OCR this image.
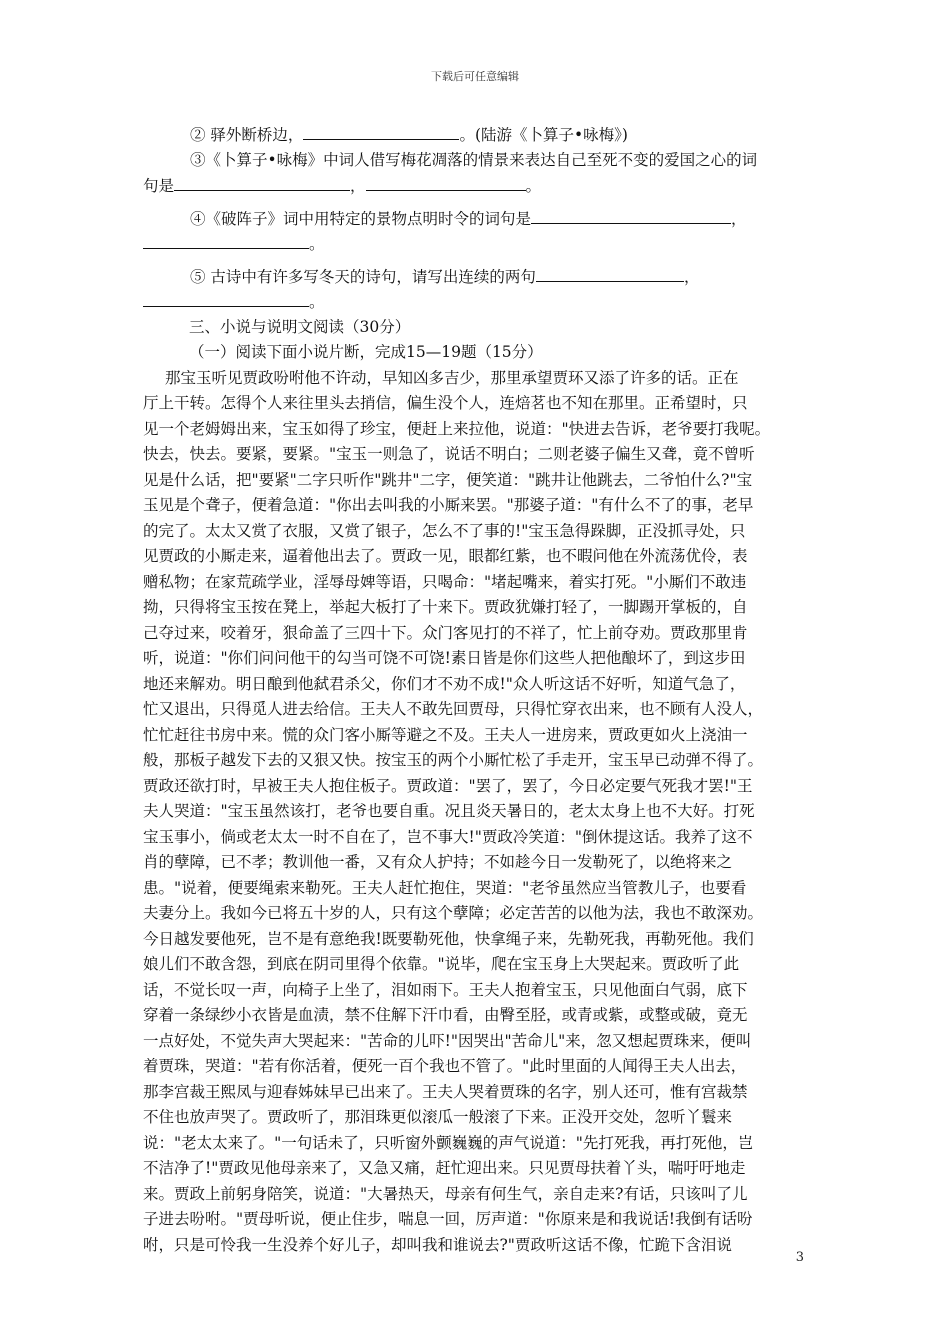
下载后可任意编辑
② 驿外断桥边，	。(陆游《卜算子•咏梅》)
③《卜算子•咏梅》中词人借写梅花凋落的情景来表达自己至死不变的爱国之心的词
句是	，	。
④《破阵子》词中用特定的景物点明时令的词句是	，
。
⑤ 古诗中有许多写冬天的诗句，请写出连续的两句	，
。
三、小说与说明文阅读（30分）
（一）阅读下面小说片断，完成15—19题（15分）
那宝玉听见贾政吩咐他不许动，早知凶多吉少，那里承望贾环又添了许多的话。正在
厅上干转。怎得个人来往里头去捎信，偏生没个人，连焙茗也不知在那里。正希望时，只
见一个老姆姆出来，宝玉如得了珍宝，便赶上来拉他，说道："快进去告诉，老爷要打我呢。
快去，快去。要紧，要紧。"宝玉一则急了，说话不明白；二则老婆子偏生又聋，竟不曾听
见是什么话，把"要紧"二字只听作"跳井"二字，便笑道："跳井让他跳去，二爷怕什么?"宝
玉见是个聋子，便着急道："你出去叫我的小厮来罢。"那婆子道："有什么不了的事，老早
的完了。太太又赏了衣服，又赏了银子，怎么不了事的!"宝玉急得跺脚，正没抓寻处，只
见贾政的小厮走来，逼着他出去了。贾政一见，眼都红紫，也不暇问他在外流荡优伶，表
赠私物；在家荒疏学业，淫辱母婢等语，只喝命："堵起嘴来，着实打死。"小厮们不敢违
拗，只得将宝玉按在凳上，举起大板打了十来下。贾政犹嫌打轻了，一脚踢开掌板的，自
己夺过来，咬着牙，狠命盖了三四十下。众门客见打的不祥了，忙上前夺劝。贾政那里肯
听，说道："你们问问他干的勾当可饶不可饶!素日皆是你们这些人把他酿坏了，到这步田
地还来解劝。明日酿到他弑君杀父，你们才不劝不成!"众人听这话不好听，知道气急了，
忙又退出，只得觅人进去给信。王夫人不敢先回贾母，只得忙穿衣出来，也不顾有人没人，
忙忙赶往书房中来。慌的众门客小厮等避之不及。王夫人一进房来，贾政更如火上浇油一
般，那板子越发下去的又狠又快。按宝玉的两个小厮忙松了手走开，宝玉早已动弹不得了。
贾政还欲打时，早被王夫人抱住板子。贾政道："罢了，罢了，今日必定要气死我才罢!"王
夫人哭道："宝玉虽然该打，老爷也要自重。况且炎天暑日的，老太太身上也不大好。打死
宝玉事小，倘或老太太一时不自在了，岂不事大!"贾政冷笑道："倒休提这话。我养了这不
肖的孽障，已不孝；教训他一番，又有众人护持；不如趁今日一发勒死了，以绝将来之
患。"说着，便要绳索来勒死。王夫人赶忙抱住，哭道："老爷虽然应当管教儿子，也要看
夫妻分上。我如今已将五十岁的人，只有这个孽障；必定苦苦的以他为法，我也不敢深劝。
今日越发要他死，岂不是有意绝我!既要勒死他，快拿绳子来，先勒死我，再勒死他。我们
娘儿们不敢含怨，到底在阴司里得个依靠。"说毕，爬在宝玉身上大哭起来。贾政听了此
话，不觉长叹一声，向椅子上坐了，泪如雨下。王夫人抱着宝玉，只见他面白气弱，底下
穿着一条绿纱小衣皆是血渍，禁不住解下汗巾看，由臀至胫，或青或紫，或整或破，竟无
一点好处，不觉失声大哭起来："苦命的儿吓!"因哭出"苦命儿"来，忽又想起贾珠来，便叫
着贾珠，哭道："若有你活着，便死一百个我也不管了。"此时里面的人闻得王夫人出去，
那李宫裁王熙凤与迎春姊妹早已出来了。王夫人哭着贾珠的名字，别人还可，惟有宫裁禁
不住也放声哭了。贾政听了，那泪珠更似滚瓜一般滚了下来。正没开交处，忽听丫鬟来
说："老太太来了。"一句话未了，只听窗外颤巍巍的声气说道："先打死我，再打死他，岂
不洁净了!"贾政见他母亲来了，又急又痛，赶忙迎出来。只见贾母扶着丫头，喘吁吁地走
来。贾政上前躬身陪笑，说道："大暑热天，母亲有何生气，亲自走来?有话，只该叫了儿
子进去吩咐。"贾母听说，便止住步，喘息一回，厉声道："你原来是和我说话!我倒有话吩
咐，只是可怜我一生没养个好儿子，却叫我和谁说去?"贾政听这话不像，忙跪下含泪说
3
